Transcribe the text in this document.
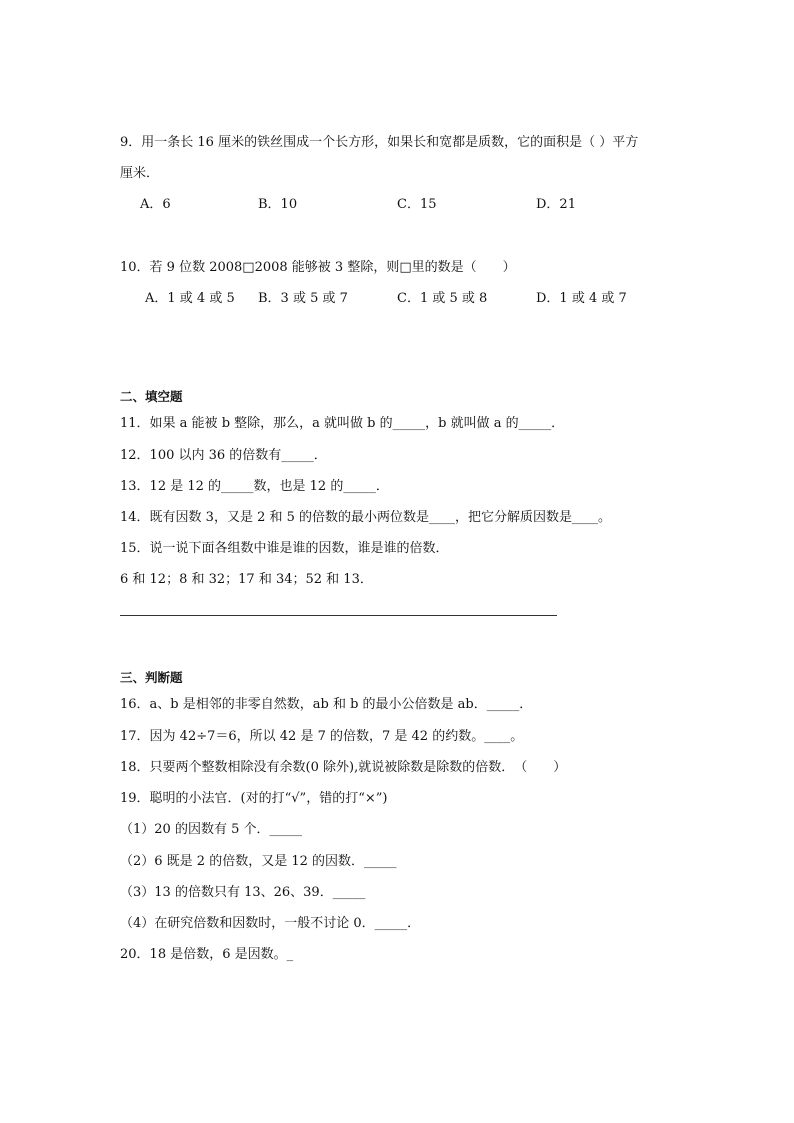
9．用一条长 16 厘米的铁丝围成一个长方形，如果长和宽都是质数，它的面积是（ ）平方
厘米．
A．6	B．10	C．15	D．21
10．若 9 位数 2008□2008 能够被 3 整除，则□里的数是（　　）
A．1 或 4 或 5 B．3 或 5 或 7	C．1 或 5 或 8	D．1 或 4 或 7
二、填空题
11．如果 a 能被 b 整除，那么，a 就叫做 b 的_____，b 就叫做 a 的_____．
12．100 以内 36 的倍数有_____．
13．12 是 12 的_____数，也是 12 的_____．
14．既有因数 3，又是 2 和 5 的倍数的最小两位数是____，把它分解质因数是____。
15．说一说下面各组数中谁是谁的因数，谁是谁的倍数．
6 和 12；8 和 32；17 和 34；52 和 13．
三、判断题
16．a、b 是相邻的非零自然数，ab 和 b 的最小公倍数是 ab．_____．
17．因为 42÷7＝6，所以 42 是 7 的倍数，7 是 42 的约数。____。
18．只要两个整数相除没有余数(0 除外),就说被除数是除数的倍数．　（　　）
19．聪明的小法官．(对的打“√”，错的打“×”)
（1）20 的因数有 5 个．_____
（2）6 既是 2 的倍数，又是 12 的因数．_____
（3）13 的倍数只有 13、26、39．_____
（4）在研究倍数和因数时，一般不讨论 0．_____．
20．18 是倍数，6 是因数。_
